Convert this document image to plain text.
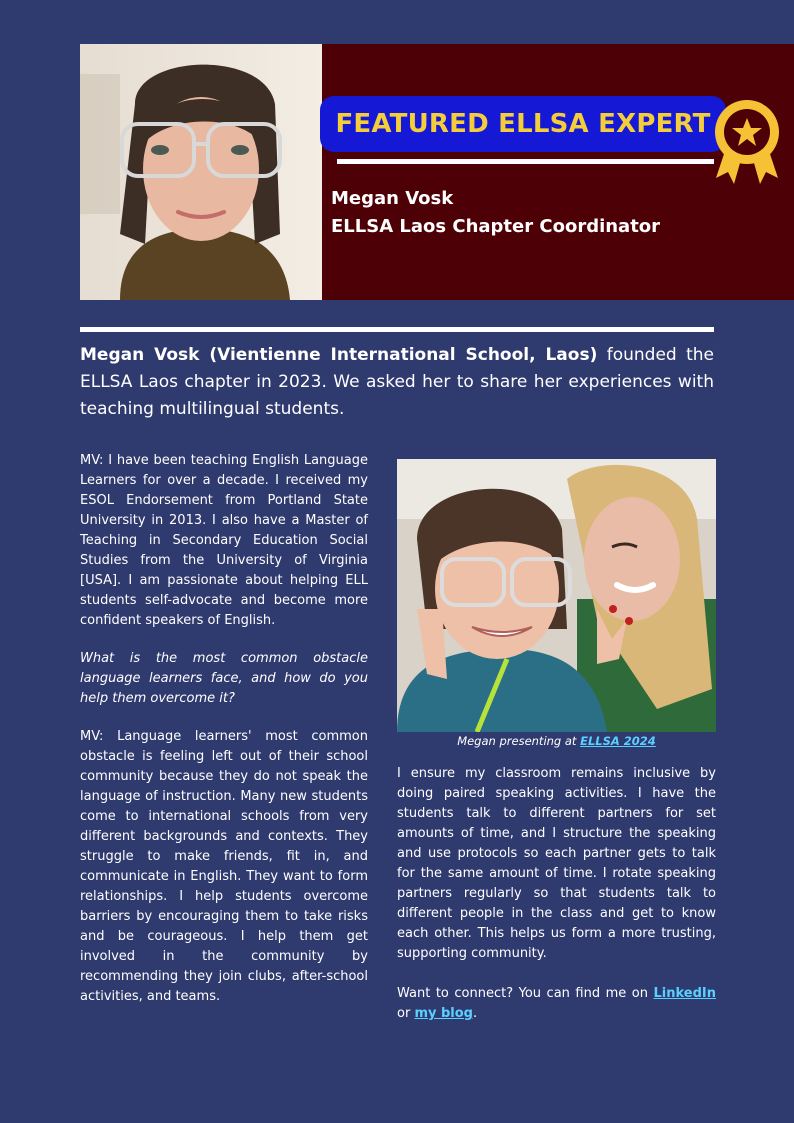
FEATURED ELLSA EXPERT
Megan Vosk
ELLSA Laos Chapter Coordinator
Megan Vosk (Vientienne International School, Laos) founded the ELLSA Laos chapter in 2023. We asked her to share her experiences with teaching multilingual students.

MV: I have been teaching English Language Learners for over a decade. I received my ESOL Endorsement from Portland State University in 2013. I also have a Master of Teaching in Secondary Education Social Studies from the University of Virginia [USA]. I am passionate about helping ELL students self-advocate and become more confident speakers of English.

What is the most common obstacle language learners face, and how do you help them overcome it?

MV: Language learners' most common obstacle is feeling left out of their school community because they do not speak the language of instruction. Many new students come to international schools from very different backgrounds and contexts. They struggle to make friends, fit in, and communicate in English. They want to form relationships. I help students overcome barriers by encouraging them to take risks and be courageous. I help them get involved in the community by recommending they join clubs, after-school activities, and teams.

Megan presenting at ELLSA 2024

I ensure my classroom remains inclusive by doing paired speaking activities. I have the students talk to different partners for set amounts of time, and I structure the speaking and use protocols so each partner gets to talk for the same amount of time. I rotate speaking partners regularly so that students talk to different people in the class and get to know each other. This helps us form a more trusting, supporting community.

Want to connect? You can find me on LinkedIn or my blog.
